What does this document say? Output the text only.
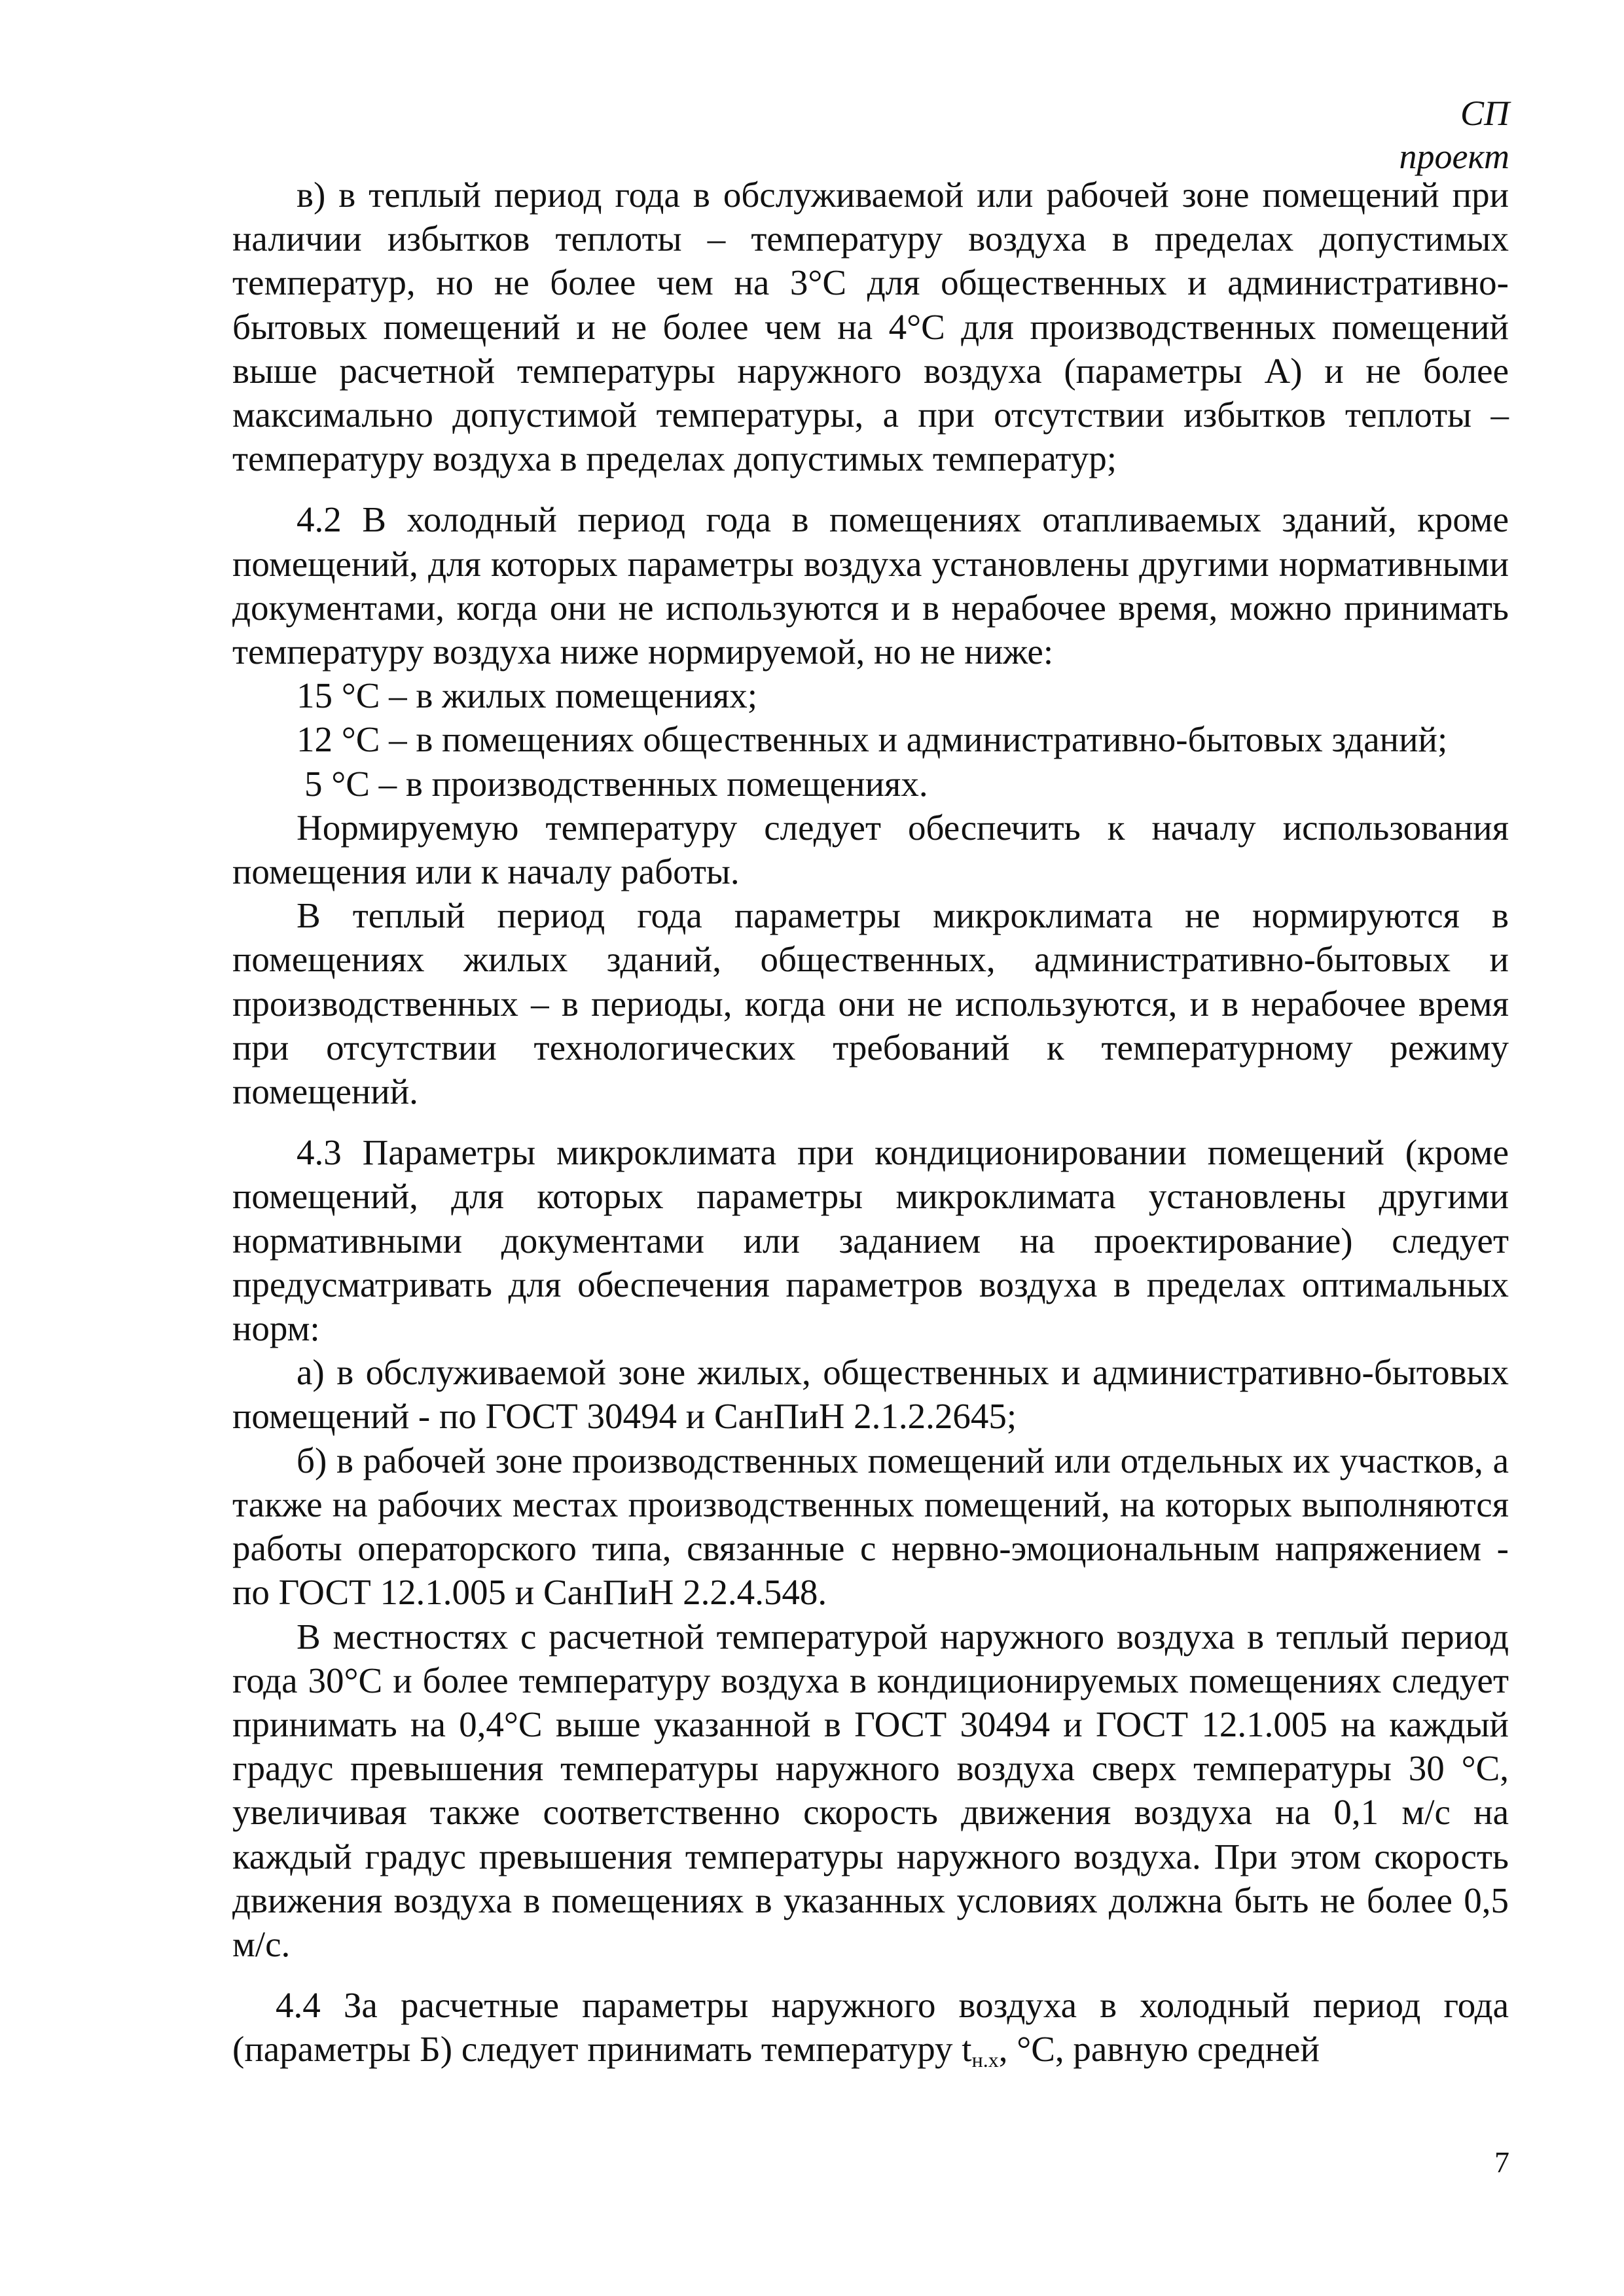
СП
проект

в) в теплый период года в обслуживаемой или рабочей зоне помещений при наличии избытков теплоты – температуру воздуха в пределах допустимых температур, но не более чем на 3°С для общественных и административно-бытовых помещений и не более чем на 4°С для производственных помещений выше расчетной температуры наружного воздуха (параметры А) и не более максимально допустимой температуры, а при отсутствии избытков теплоты – температуру воздуха в пределах допустимых температур;

4.2 В холодный период года в помещениях отапливаемых зданий, кроме помещений, для которых параметры воздуха установлены другими нормативными документами, когда они не используются и в нерабочее время, можно принимать температуру воздуха ниже нормируемой, но не ниже:

15 °С – в жилых помещениях;

12 °С – в помещениях общественных и административно-бытовых зданий;

5 °С – в производственных помещениях.

Нормируемую температуру следует обеспечить к началу использования помещения или к началу работы.

В теплый период года параметры микроклимата не нормируются в помещениях жилых зданий, общественных, административно-бытовых и производственных – в периоды, когда они не используются, и в нерабочее время при отсутствии технологических требований к температурному режиму помещений.

4.3 Параметры микроклимата при кондиционировании помещений (кроме помещений, для которых параметры микроклимата установлены другими нормативными документами или заданием на проектирование) следует предусматривать для обеспечения параметров воздуха в пределах оптимальных норм:

а) в обслуживаемой зоне жилых, общественных и административно-бытовых помещений - по ГОСТ 30494 и СанПиН 2.1.2.2645;

б) в рабочей зоне производственных помещений или отдельных их участков, а также на рабочих местах производственных помещений, на которых выполняются работы операторского типа, связанные с нервно-эмоциональным напряжением - по ГОСТ 12.1.005 и СанПиН 2.2.4.548.

В местностях с расчетной температурой наружного воздуха в теплый период года 30°С и более температуру воздуха в кондиционируемых помещениях следует принимать на 0,4°С выше указанной в ГОСТ 30494 и ГОСТ 12.1.005 на каждый градус превышения температуры наружного воздуха сверх температуры 30 °С, увеличивая также соответственно скорость движения воздуха на 0,1 м/с на каждый градус превышения температуры наружного воздуха. При этом скорость движения воздуха в помещениях в указанных условиях должна быть не более 0,5 м/с.

4.4 За расчетные параметры наружного воздуха в холодный период года (параметры Б) следует принимать температуру $t_{н.х}$, °С, равную средней

7
